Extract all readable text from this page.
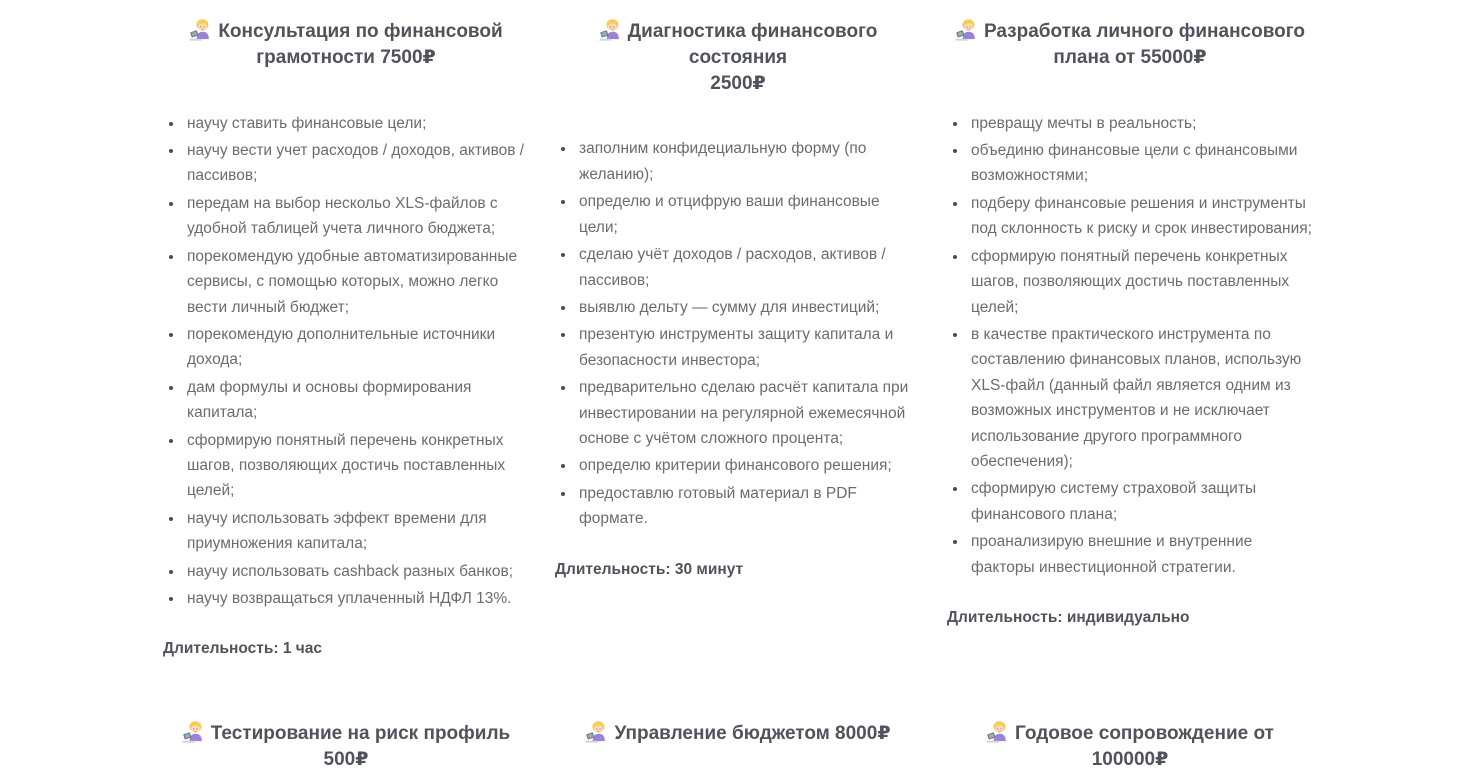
Консультация по финансовой
грамотности 7500₽
• научу ставить финансовые цели;
• научу вести учет расходов / доходов, активов / пассивов;
• передам на выбор нескольо XLS-файлов с удобной таблицей учета личного бюджета;
• порекомендую удобные автоматизированные сервисы, с помощью которых, можно легко вести личный бюджет;
• порекомендую дополнительные источники дохода;
• дам формулы и основы формирования капитала;
• сформирую понятный перечень конкретных шагов, позволяющих достичь поставленных целей;
• научу использовать эффект времени для приумножения капитала;
• научу использовать cashback разных банков;
• научу возвращаться уплаченный НДФЛ 13%.

Длительность: 1 час

Диагностика финансового состояния
2500₽
• заполним конфидециальную форму (по желанию);
• определю и отцифрую ваши финансовые цели;
• сделаю учёт доходов / расходов, активов / пассивов;
• выявлю дельту — сумму для инвестиций;
• презентую инструменты защиту капитала и безопасности инвестора;
• предварительно сделаю расчёт капитала при инвестировании на регулярной ежемесячной основе с учётом сложного процента;
• определю критерии финансового решения;
• предоставлю готовый материал в PDF формате.

Длительность: 30 минут

Разработка личного финансового
плана от 55000₽
• превращу мечты в реальность;
• объединю финансовые цели с финансовыми возможностями;
• подберу финансовые решения и инструменты под склонность к риску и срок инвестирования;
• сформирую понятный перечень конкретных шагов, позволяющих достичь поставленных целей;
• в качестве практического инструмента по составлению финансовых планов, использую XLS-файл (данный файл является одним из возможных инструментов и не исключает использование другого программного обеспечения);
• сформирую систему страховой защиты финансового плана;
• проанализирую внешние и внутренние факторы инвестиционной стратегии.

Длительность: индивидуально

Тестирование на риск профиль 500₽
Управление бюджетом 8000₽	Годовое сопровождение от 100000₽
